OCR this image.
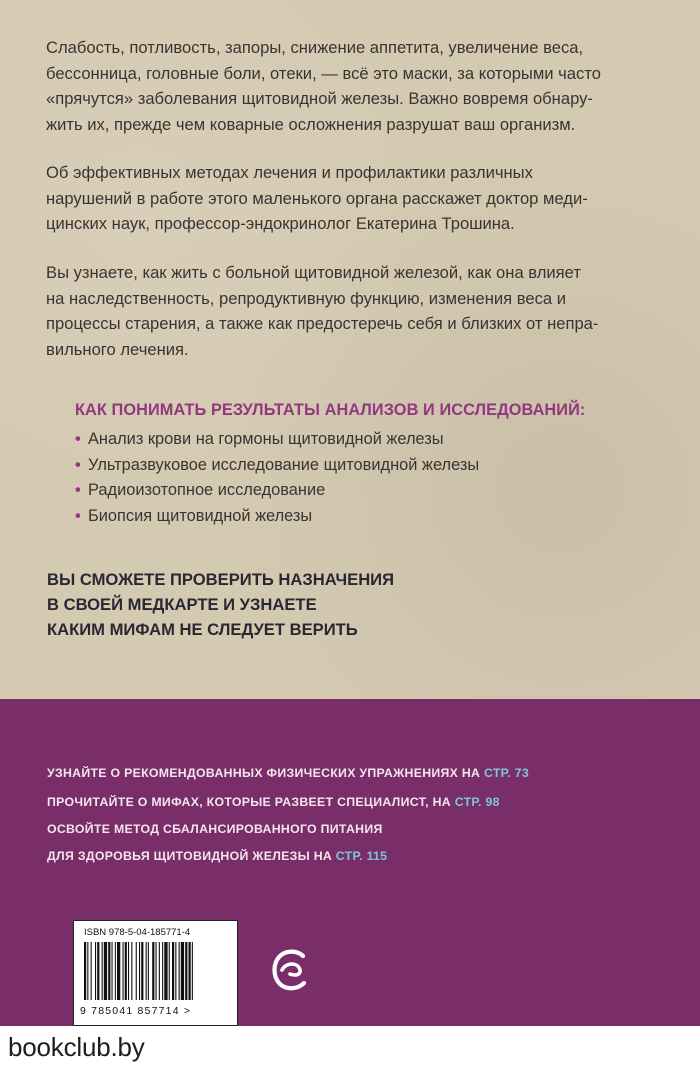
Слабость, потливость, запоры, снижение аппетита, увеличение веса,
бессонница, головные боли, отеки, — всё это маски, за которыми часто
«прячутся» заболевания щитовидной железы. Важно вовремя обнару-
жить их, прежде чем коварные осложнения разрушат ваш организм.
Об эффективных методах лечения и профилактики различных
нарушений в работе этого маленького органа расскажет доктор меди-
цинских наук, профессор-эндокринолог Екатерина Трошина.
Вы узнаете, как жить с больной щитовидной железой, как она влияет
на наследственность, репродуктивную функцию, изменения веса и
процессы старения, а также как предостеречь себя и близких от непра-
вильного лечения.
КАК ПОНИМАТЬ РЕЗУЛЬТАТЫ АНАЛИЗОВ И ИССЛЕДОВАНИЙ:
• Анализ крови на гормоны щитовидной железы
• Ультразвуковое исследование щитовидной железы
• Радиоизотопное исследование
• Биопсия щитовидной железы
ВЫ СМОЖЕТЕ ПРОВЕРИТЬ НАЗНАЧЕНИЯ
В СВОЕЙ МЕДКАРТЕ И УЗНАЕТЕ
КАКИМ МИФАМ НЕ СЛЕДУЕТ ВЕРИТЬ
УЗНАЙТЕ О РЕКОМЕНДОВАННЫХ ФИЗИЧЕСКИХ УПРАЖНЕНИЯХ НА СТР. 73
ПРОЧИТАЙТЕ О МИФАХ, КОТОРЫЕ РАЗВЕЕТ СПЕЦИАЛИСТ, НА СТР. 98
ОСВОЙТЕ МЕТОД СБАЛАНСИРОВАННОГО ПИТАНИЯ
ДЛЯ ЗДОРОВЬЯ ЩИТОВИДНОЙ ЖЕЛЕЗЫ НА СТР. 115
ISBN 978-5-04-185771-4
9 785041 857714 >
bookclub.by
